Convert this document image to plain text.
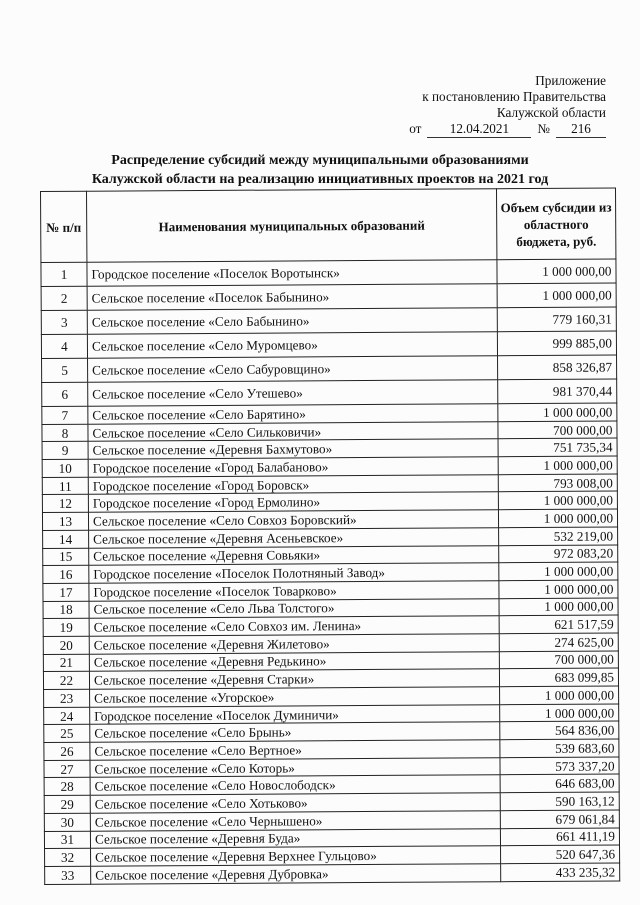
Приложение
к постановлению Правительства
Калужской области
от	12.04.2021	№	216
Распределение субсидий между муниципальными образованиями
Калужской области на реализацию инициативных проектов на 2021 год
№ п/п	Наименования муниципальных образований	Объем субсидии из областного бюджета, руб.
1	Городское поселение «Поселок Воротынск»	1 000 000,00
2	Сельское поселение «Поселок Бабынино»	1 000 000,00
3	Сельское поселение «Село Бабынино»	779 160,31
4	Сельское поселение «Село Муромцево»	999 885,00
5	Сельское поселение «Село Сабуровщино»	858 326,87
6	Сельское поселение «Село Утешево»	981 370,44
7	Сельское поселение «Село Барятино»	1 000 000,00
8	Сельское поселение «Село Сильковичи»	700 000,00
9	Сельское поселение «Деревня Бахмутово»	751 735,34
10	Городское поселение «Город Балабаново»	1 000 000,00
11	Городское поселение «Город Боровск»	793 008,00
12	Городское поселение «Город Ермолино»	1 000 000,00
13	Сельское поселение «Село Совхоз Боровский»	1 000 000,00
14	Сельское поселение «Деревня Асеньевское»	532 219,00
15	Сельское поселение «Деревня Совьяки»	972 083,20
16	Городское поселение «Поселок Полотняный Завод»	1 000 000,00
17	Городское поселение «Поселок Товарково»	1 000 000,00
18	Сельское поселение «Село Льва Толстого»	1 000 000,00
19	Сельское поселение «Село Совхоз им. Ленина»	621 517,59
20	Сельское поселение «Деревня Жилетово»	274 625,00
21	Сельское поселение «Деревня Редькино»	700 000,00
22	Сельское поселение «Деревня Старки»	683 099,85
23	Сельское поселение «Угорское»	1 000 000,00
24	Городское поселение «Поселок Думиничи»	1 000 000,00
25	Сельское поселение «Село Брынь»	564 836,00
26	Сельское поселение «Село Вертное»	539 683,60
27	Сельское поселение «Село Которь»	573 337,20
28	Сельское поселение «Село Новослободск»	646 683,00
29	Сельское поселение «Село Хотьково»	590 163,12
30	Сельское поселение «Село Чернышено»	679 061,84
31	Сельское поселение «Деревня Буда»	661 411,19
32	Сельское поселение «Деревня Верхнее Гульцово»	520 647,36
33	Сельское поселение «Деревня Дубровка»	433 235,32
